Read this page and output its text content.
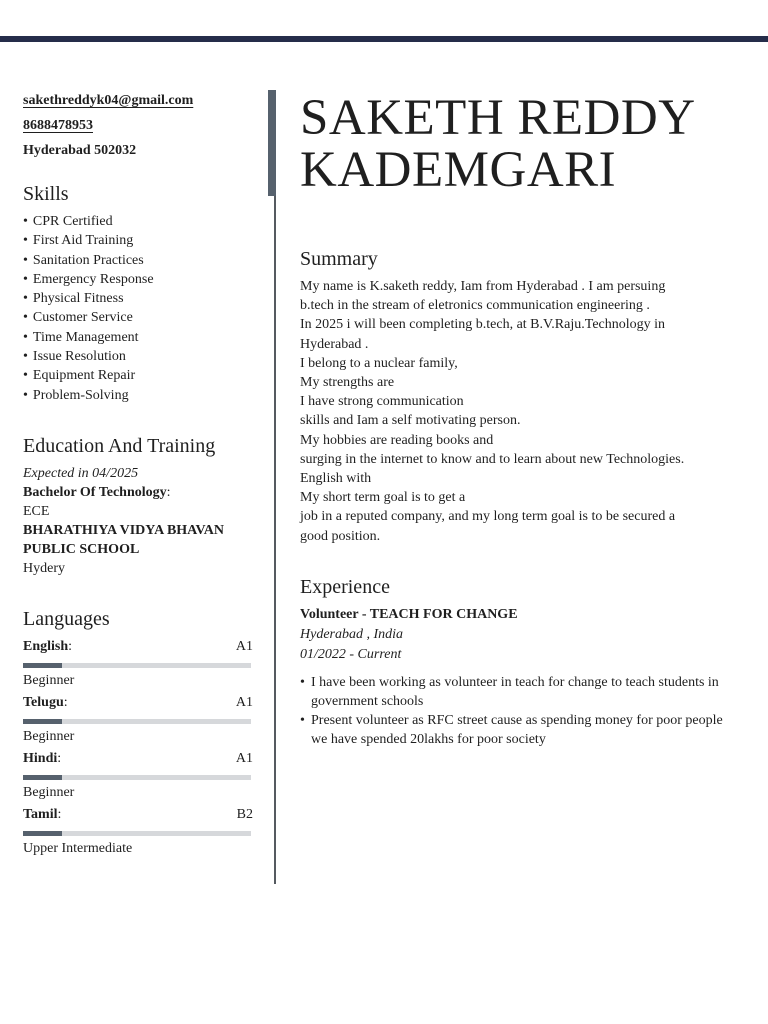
sakethreddyk04@gmail.com
8688478953
Hyderabad 502032
Skills
• CPR Certified
• First Aid Training
• Sanitation Practices
• Emergency Response
• Physical Fitness
• Customer Service
• Time Management
• Issue Resolution
• Equipment Repair
• Problem-Solving
Education And Training
Expected in 04/2025
Bachelor Of Technology:
ECE
BHARATHIYA VIDYA BHAVAN
PUBLIC SCHOOL
Hydery
Languages
English:	A1
Beginner
Telugu:	A1
Beginner
Hindi:	A1
Beginner
Tamil:	B2
Upper Intermediate
SAKETH REDDY
KADEMGARI
Summary
My name is K.saketh reddy, Iam from Hyderabad . I am persuing
b.tech in the stream of eletronics communication engineering .
In 2025 i will been completing b.tech, at B.V.Raju.Technology in
Hyderabad .
I belong to a nuclear family,
My strengths are
I have strong communication
skills and Iam a self motivating person.
My hobbies are reading books and
surging in the internet to know and to learn about new Technologies.
English with
My short term goal is to get a
job in a reputed company, and my long term goal is to be secured a
good position.
Experience
Volunteer - TEACH FOR CHANGE
Hyderabad , India
01/2022 - Current
• I have been working as volunteer in teach for change to teach students in government schools
• Present volunteer as RFC street cause as spending money for poor people we have spended 20lakhs for poor society
